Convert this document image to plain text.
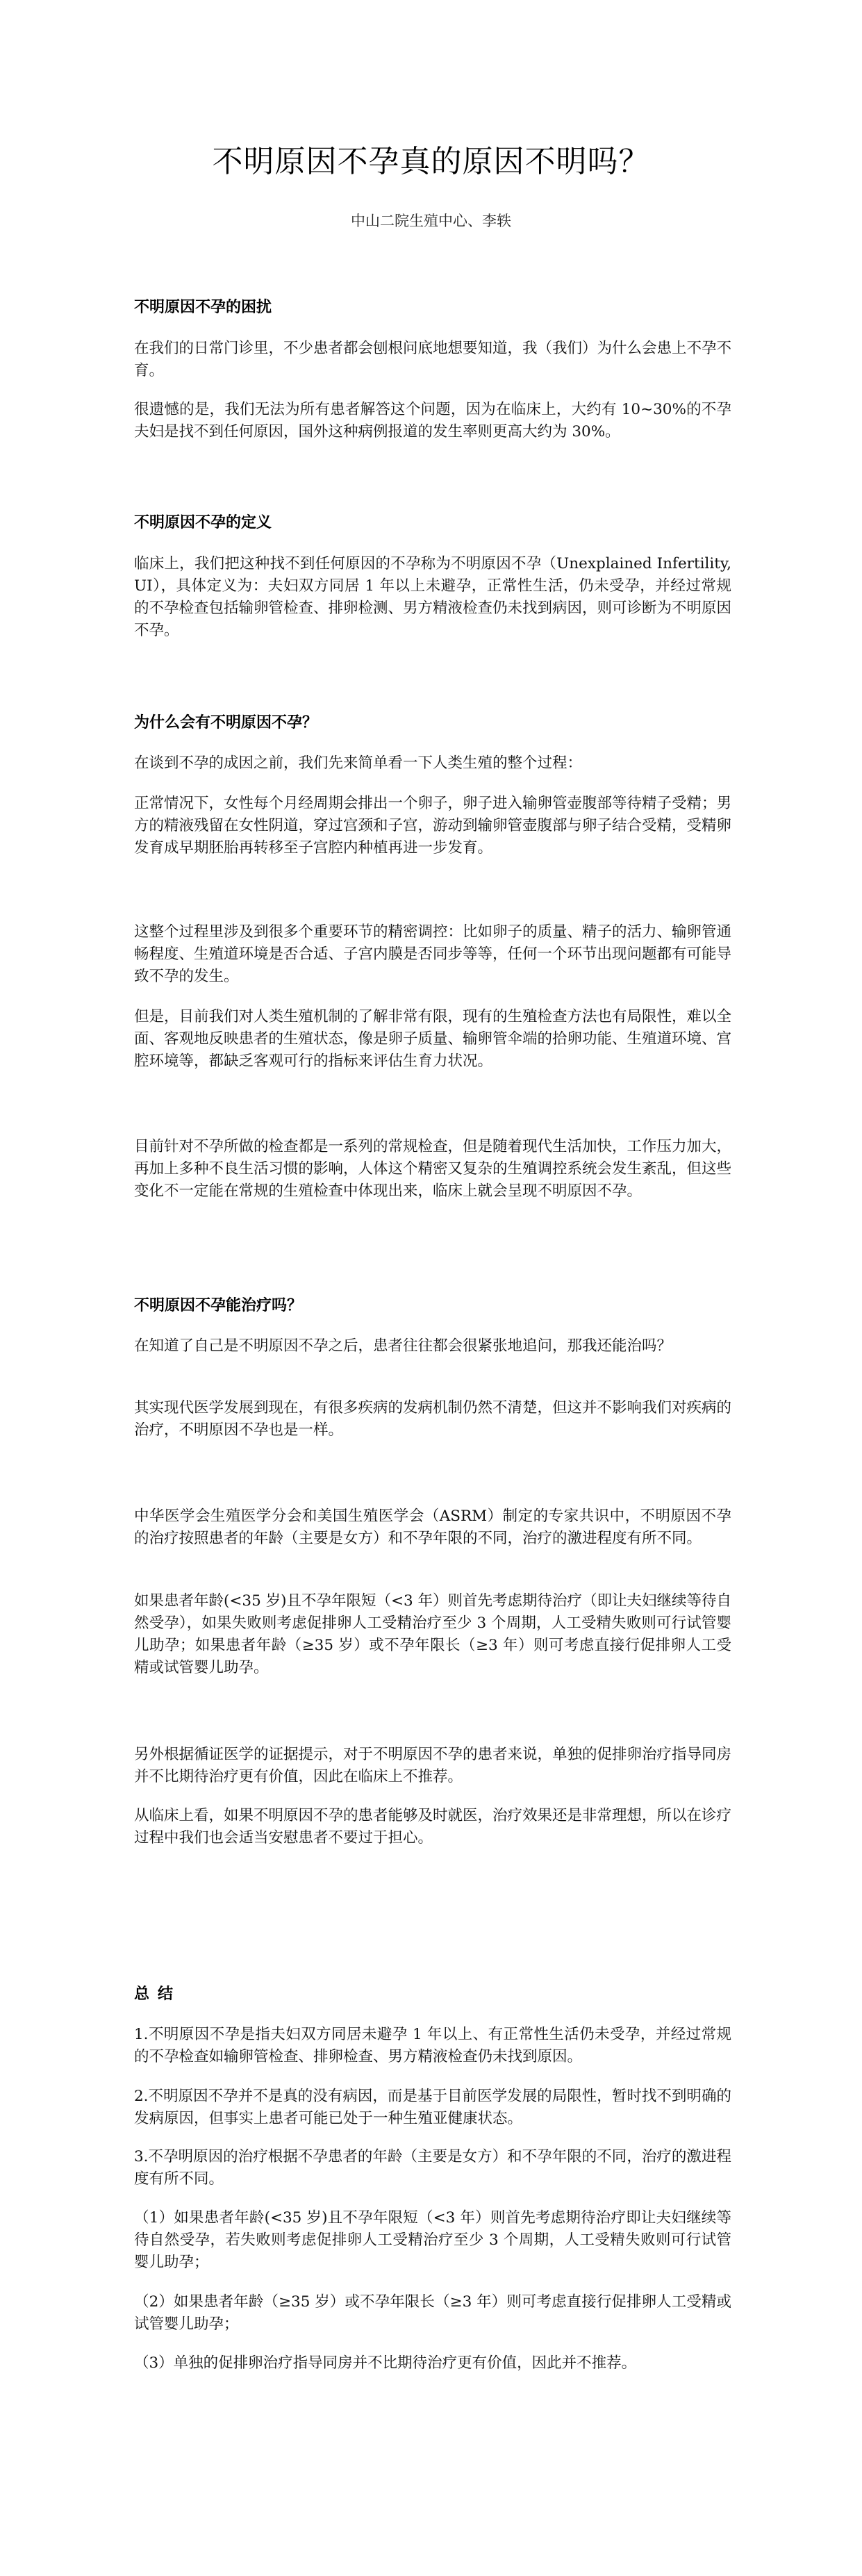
不明原因不孕真的原因不明吗？
中山二院生殖中心、李轶
不明原因不孕的困扰
在我们的日常门诊里，不少患者都会刨根问底地想要知道，我（我们）为什么会患上不孕不育。
很遗憾的是，我们无法为所有患者解答这个问题，因为在临床上，大约有 10~30%的不孕夫妇是找不到任何原因，国外这种病例报道的发生率则更高大约为 30%。
不明原因不孕的定义
临床上，我们把这种找不到任何原因的不孕称为不明原因不孕（Unexplained Infertility, UI），具体定义为：夫妇双方同居 1 年以上未避孕，正常性生活，仍未受孕，并经过常规的不孕检查包括输卵管检查、排卵检测、男方精液检查仍未找到病因，则可诊断为不明原因不孕。
为什么会有不明原因不孕？
在谈到不孕的成因之前，我们先来简单看一下人类生殖的整个过程：
正常情况下，女性每个月经周期会排出一个卵子，卵子进入输卵管壶腹部等待精子受精；男方的精液残留在女性阴道，穿过宫颈和子宫，游动到输卵管壶腹部与卵子结合受精，受精卵发育成早期胚胎再转移至子宫腔内种植再进一步发育。
这整个过程里涉及到很多个重要环节的精密调控：比如卵子的质量、精子的活力、输卵管通畅程度、生殖道环境是否合适、子宫内膜是否同步等等，任何一个环节出现问题都有可能导致不孕的发生。
但是，目前我们对人类生殖机制的了解非常有限，现有的生殖检查方法也有局限性，难以全面、客观地反映患者的生殖状态，像是卵子质量、输卵管伞端的拾卵功能、生殖道环境、宫腔环境等，都缺乏客观可行的指标来评估生育力状况。
目前针对不孕所做的检查都是一系列的常规检查，但是随着现代生活加快，工作压力加大，再加上多种不良生活习惯的影响，人体这个精密又复杂的生殖调控系统会发生紊乱，但这些变化不一定能在常规的生殖检查中体现出来，临床上就会呈现不明原因不孕。
不明原因不孕能治疗吗？
在知道了自己是不明原因不孕之后，患者往往都会很紧张地追问，那我还能治吗？
其实现代医学发展到现在，有很多疾病的发病机制仍然不清楚，但这并不影响我们对疾病的治疗，不明原因不孕也是一样。
中华医学会生殖医学分会和美国生殖医学会（ASRM）制定的专家共识中，不明原因不孕的治疗按照患者的年龄（主要是女方）和不孕年限的不同，治疗的激进程度有所不同。
如果患者年龄(<35 岁)且不孕年限短（<3 年）则首先考虑期待治疗（即让夫妇继续等待自然受孕），如果失败则考虑促排卵人工受精治疗至少 3 个周期，人工受精失败则可行试管婴儿助孕；如果患者年龄（≥35 岁）或不孕年限长（≥3 年）则可考虑直接行促排卵人工受精或试管婴儿助孕。
另外根据循证医学的证据提示，对于不明原因不孕的患者来说，单独的促排卵治疗指导同房并不比期待治疗更有价值，因此在临床上不推荐。
从临床上看，如果不明原因不孕的患者能够及时就医，治疗效果还是非常理想，所以在诊疗过程中我们也会适当安慰患者不要过于担心。
总结
1.不明原因不孕是指夫妇双方同居未避孕 1 年以上、有正常性生活仍未受孕，并经过常规的不孕检查如输卵管检查、排卵检查、男方精液检查仍未找到原因。
2.不明原因不孕并不是真的没有病因，而是基于目前医学发展的局限性，暂时找不到明确的发病原因，但事实上患者可能已处于一种生殖亚健康状态。
3.不孕明原因的治疗根据不孕患者的年龄（主要是女方）和不孕年限的不同，治疗的激进程度有所不同。
（1）如果患者年龄(<35 岁)且不孕年限短（<3 年）则首先考虑期待治疗即让夫妇继续等待自然受孕，若失败则考虑促排卵人工受精治疗至少 3 个周期，人工受精失败则可行试管婴儿助孕；
（2）如果患者年龄（≥35 岁）或不孕年限长（≥3 年）则可考虑直接行促排卵人工受精或试管婴儿助孕；
（3）单独的促排卵治疗指导同房并不比期待治疗更有价值，因此并不推荐。
